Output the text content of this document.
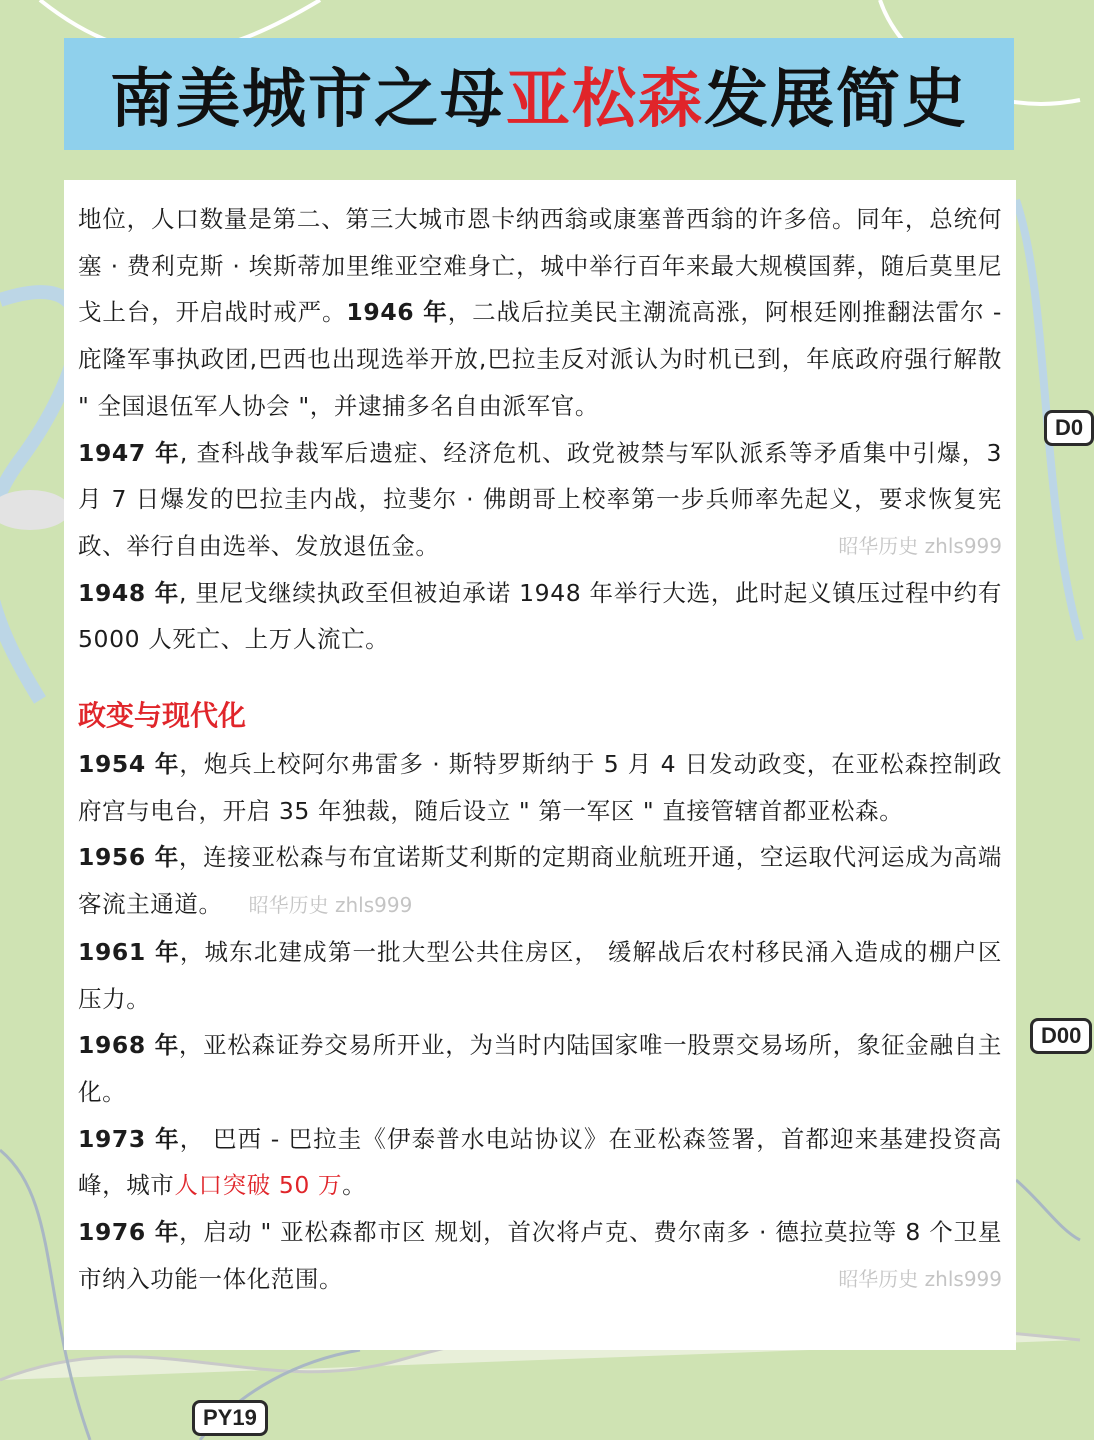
D0
D00
PY19
南美城市之母亚松森发展简史

地位，人口数量是第二、第三大城市恩卡纳西翁或康塞普西翁的许多倍。同年，总统何塞 · 费利克斯 · 埃斯蒂加里维亚空难身亡，城中举行百年来最大规模国葬，随后莫里尼戈上台，开启战时戒严。1946 年，二战后拉美民主潮流高涨，阿根廷刚推翻法雷尔 - 庇隆军事执政团,巴西也出现选举开放,巴拉圭反对派认为时机已到，年底政府强行解散 " 全国退伍军人协会 "，并逮捕多名自由派军官。

1947 年, 查科战争裁军后遗症、经济危机、政党被禁与军队派系等矛盾集中引爆，3 月 7 日爆发的巴拉圭内战，拉斐尔 · 佛朗哥上校率第一步兵师率先起义，要求恢复宪政、举行自由选举、发放退伍金。	昭华历史 zhls999

1948 年, 里尼戈继续执政至但被迫承诺 1948 年举行大选，此时起义镇压过程中约有 5000 人死亡、上万人流亡。

政变与现代化

1954 年，炮兵上校阿尔弗雷多 · 斯特罗斯纳于 5 月 4 日发动政变，在亚松森控制政府宫与电台，开启 35 年独裁，随后设立 " 第一军区 " 直接管辖首都亚松森。

1956 年，连接亚松森与布宜诺斯艾利斯的定期商业航班开通，空运取代河运成为高端客流主通道。 昭华历史 zhls999

1961 年，城东北建成第一批大型公共住房区， 缓解战后农村移民涌入造成的棚户区压力。

1968 年，亚松森证券交易所开业，为当时内陆国家唯一股票交易场所，象征金融自主化。

1973 年， 巴西 - 巴拉圭《伊泰普水电站协议》在亚松森签署，首都迎来基建投资高峰，城市人口突破 50 万。

1976 年，启动 " 亚松森都市区 规划，首次将卢克、费尔南多 · 德拉莫拉等 8 个卫星市纳入功能一体化范围。	昭华历史 zhls999
